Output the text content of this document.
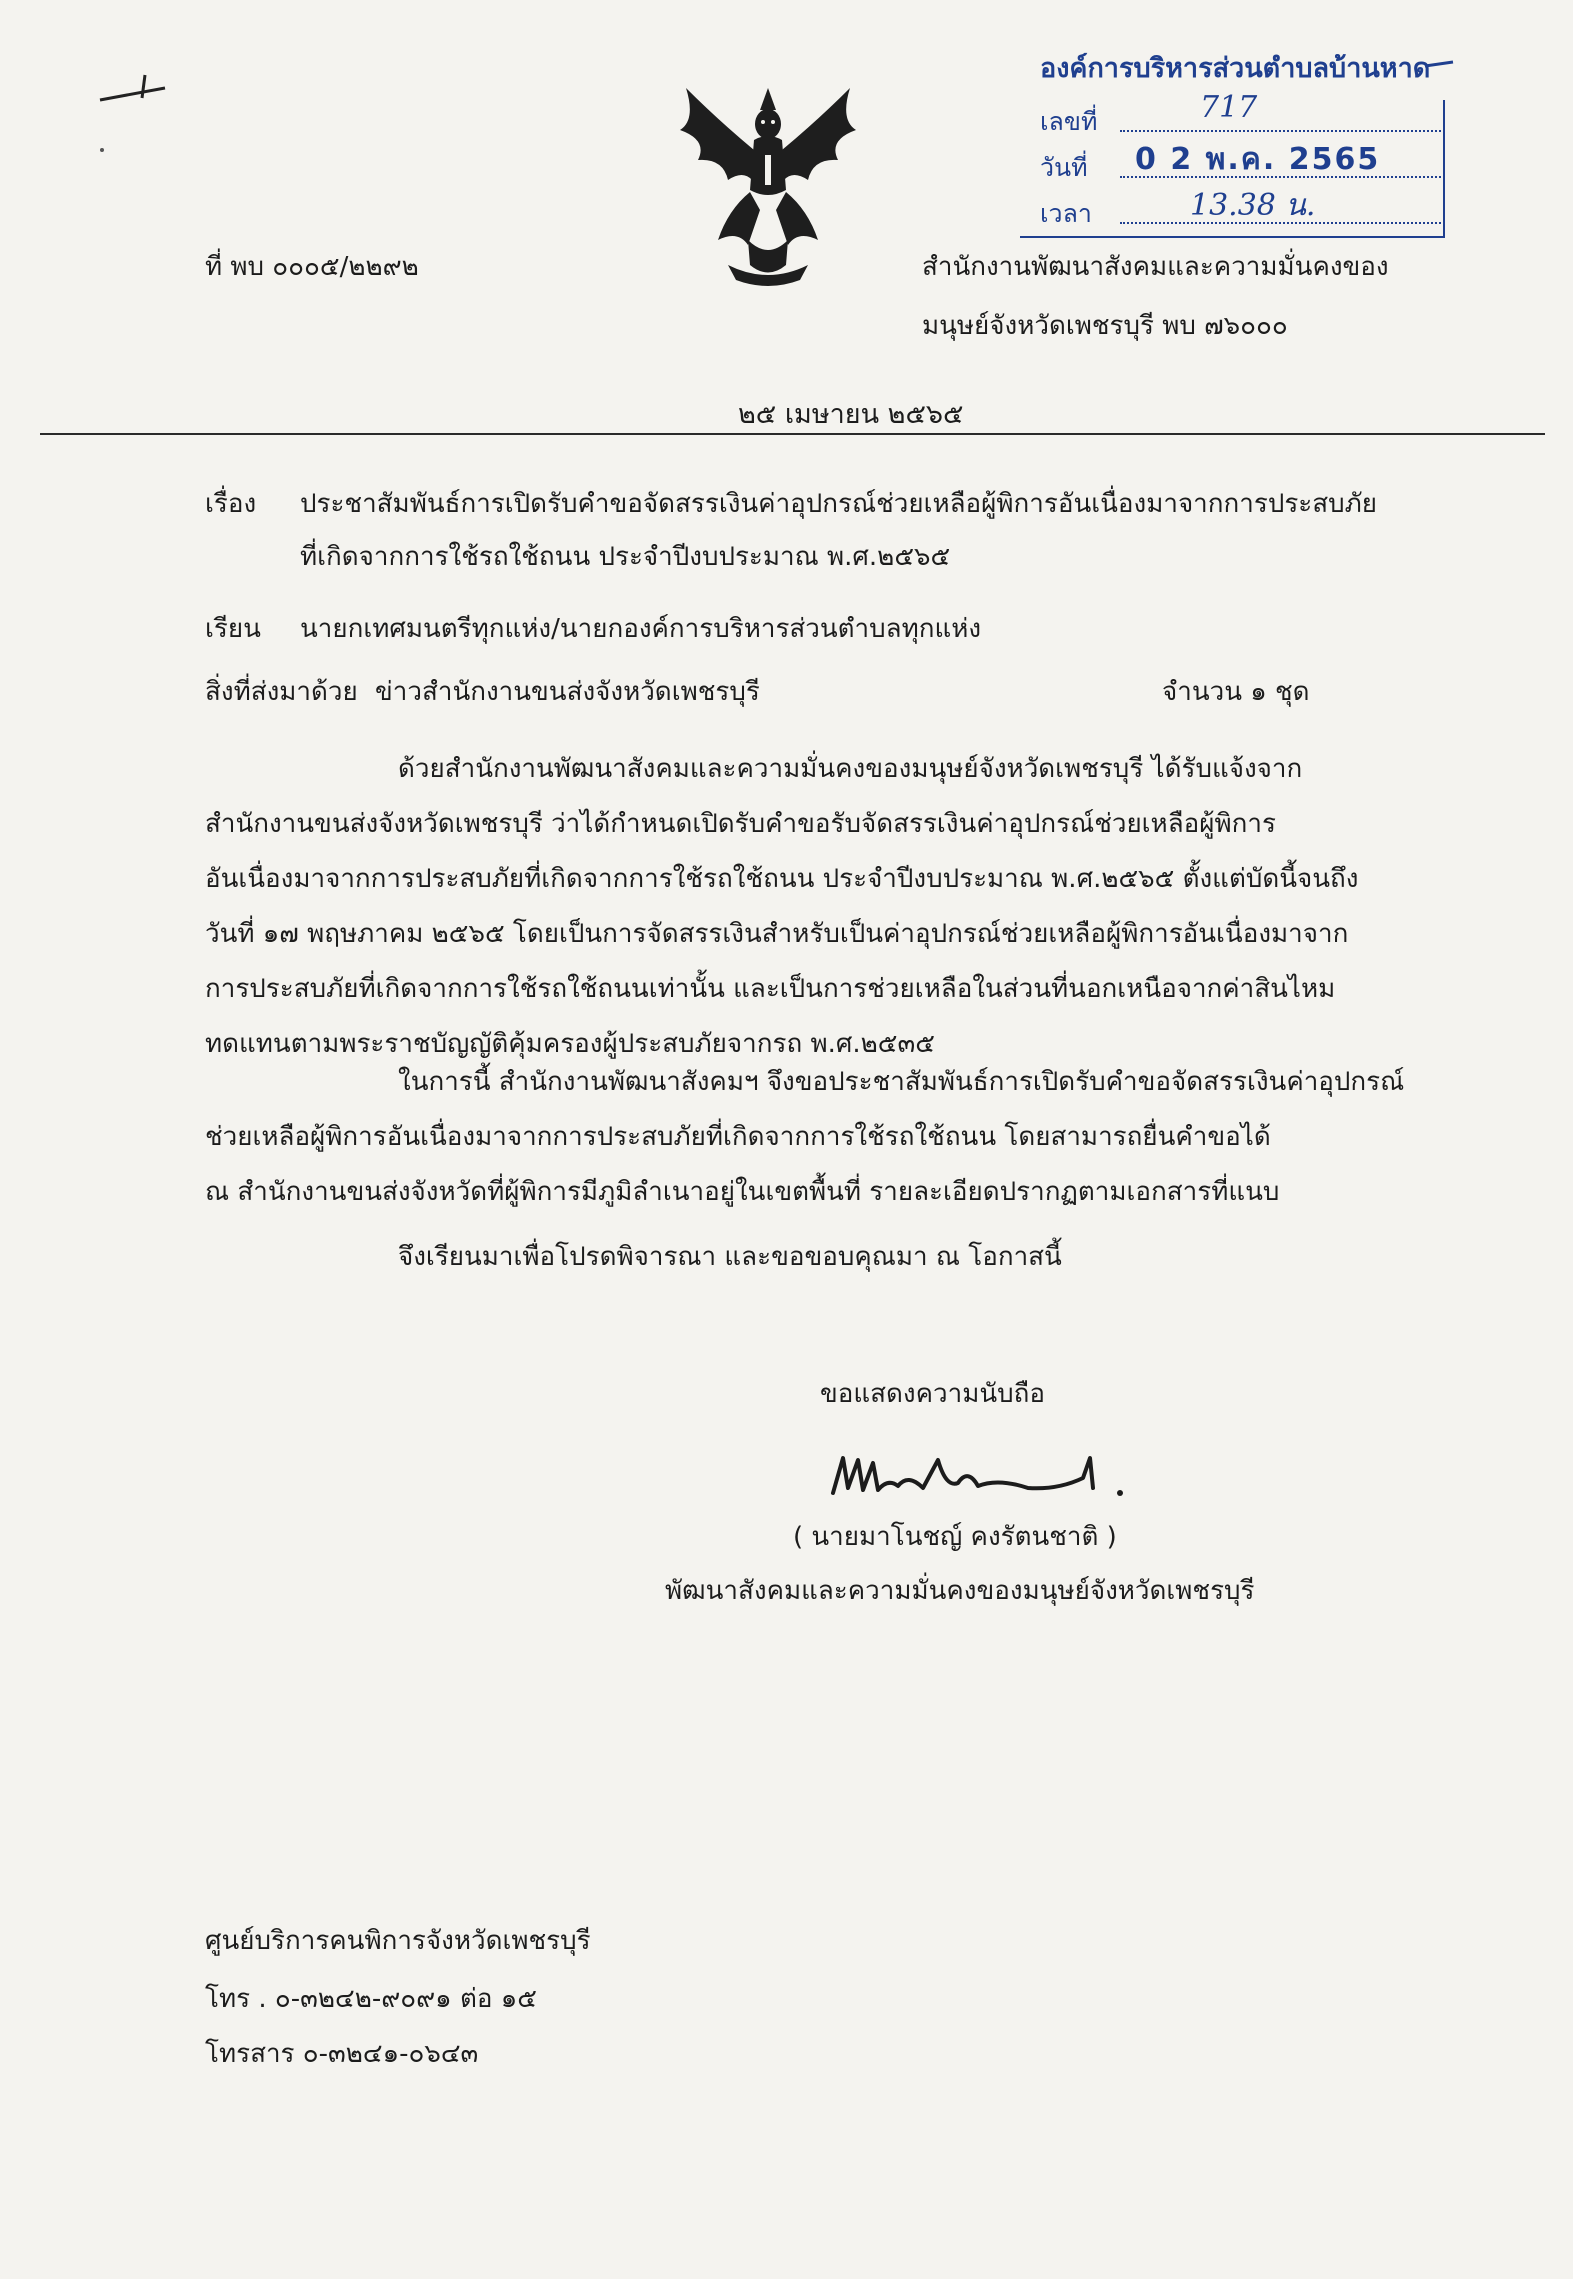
องค์การบริหารส่วนตำบลบ้านหาด
เลขที่	717
วันที่ 0 2 พ.ค. 2565
เวลา	13.38 น.
ที่ พบ ๐๐๐๕/๒๒๙๒	สำนักงานพัฒนาสังคมและความมั่นคงของ
มนุษย์จังหวัดเพชรบุรี พบ ๗๖๐๐๐
๒๕ เมษายน ๒๕๖๕
เรื่อง ประชาสัมพันธ์การเปิดรับคำขอจัดสรรเงินค่าอุปกรณ์ช่วยเหลือผู้พิการอันเนื่องมาจากการประสบภัย
ที่เกิดจากการใช้รถใช้ถนน ประจำปีงบประมาณ พ.ศ.๒๕๖๕
เรียน นายกเทศมนตรีทุกแห่ง/นายกองค์การบริหารส่วนตำบลทุกแห่ง
สิ่งที่ส่งมาด้วย ข่าวสำนักงานขนส่งจังหวัดเพชรบุรี	จำนวน ๑ ชุด
ด้วยสำนักงานพัฒนาสังคมและความมั่นคงของมนุษย์จังหวัดเพชรบุรี ได้รับแจ้งจาก
สำนักงานขนส่งจังหวัดเพชรบุรี ว่าได้กำหนดเปิดรับคำขอรับจัดสรรเงินค่าอุปกรณ์ช่วยเหลือผู้พิการ
อันเนื่องมาจากการประสบภัยที่เกิดจากการใช้รถใช้ถนน ประจำปีงบประมาณ พ.ศ.๒๕๖๕ ตั้งแต่บัดนี้จนถึง
วันที่ ๑๗ พฤษภาคม ๒๕๖๕ โดยเป็นการจัดสรรเงินสำหรับเป็นค่าอุปกรณ์ช่วยเหลือผู้พิการอันเนื่องมาจาก
การประสบภัยที่เกิดจากการใช้รถใช้ถนนเท่านั้น และเป็นการช่วยเหลือในส่วนที่นอกเหนือจากค่าสินไหม
ทดแทนตามพระราชบัญญัติคุ้มครองผู้ประสบภัยจากรถ พ.ศ.๒๕๓๕
ในการนี้ สำนักงานพัฒนาสังคมฯ จึงขอประชาสัมพันธ์การเปิดรับคำขอจัดสรรเงินค่าอุปกรณ์
ช่วยเหลือผู้พิการอันเนื่องมาจากการประสบภัยที่เกิดจากการใช้รถใช้ถนน โดยสามารถยื่นคำขอได้
ณ สำนักงานขนส่งจังหวัดที่ผู้พิการมีภูมิลำเนาอยู่ในเขตพื้นที่ รายละเอียดปรากฏตามเอกสารที่แนบ
จึงเรียนมาเพื่อโปรดพิจารณา และขอขอบคุณมา ณ โอกาสนี้
ขอแสดงความนับถือ
( นายมาโนชญ์ คงรัตนชาติ )
พัฒนาสังคมและความมั่นคงของมนุษย์จังหวัดเพชรบุรี
ศูนย์บริการคนพิการจังหวัดเพชรบุรี
โทร . ๐-๓๒๔๒-๙๐๙๑ ต่อ ๑๕
โทรสาร ๐-๓๒๔๑-๐๖๔๓
